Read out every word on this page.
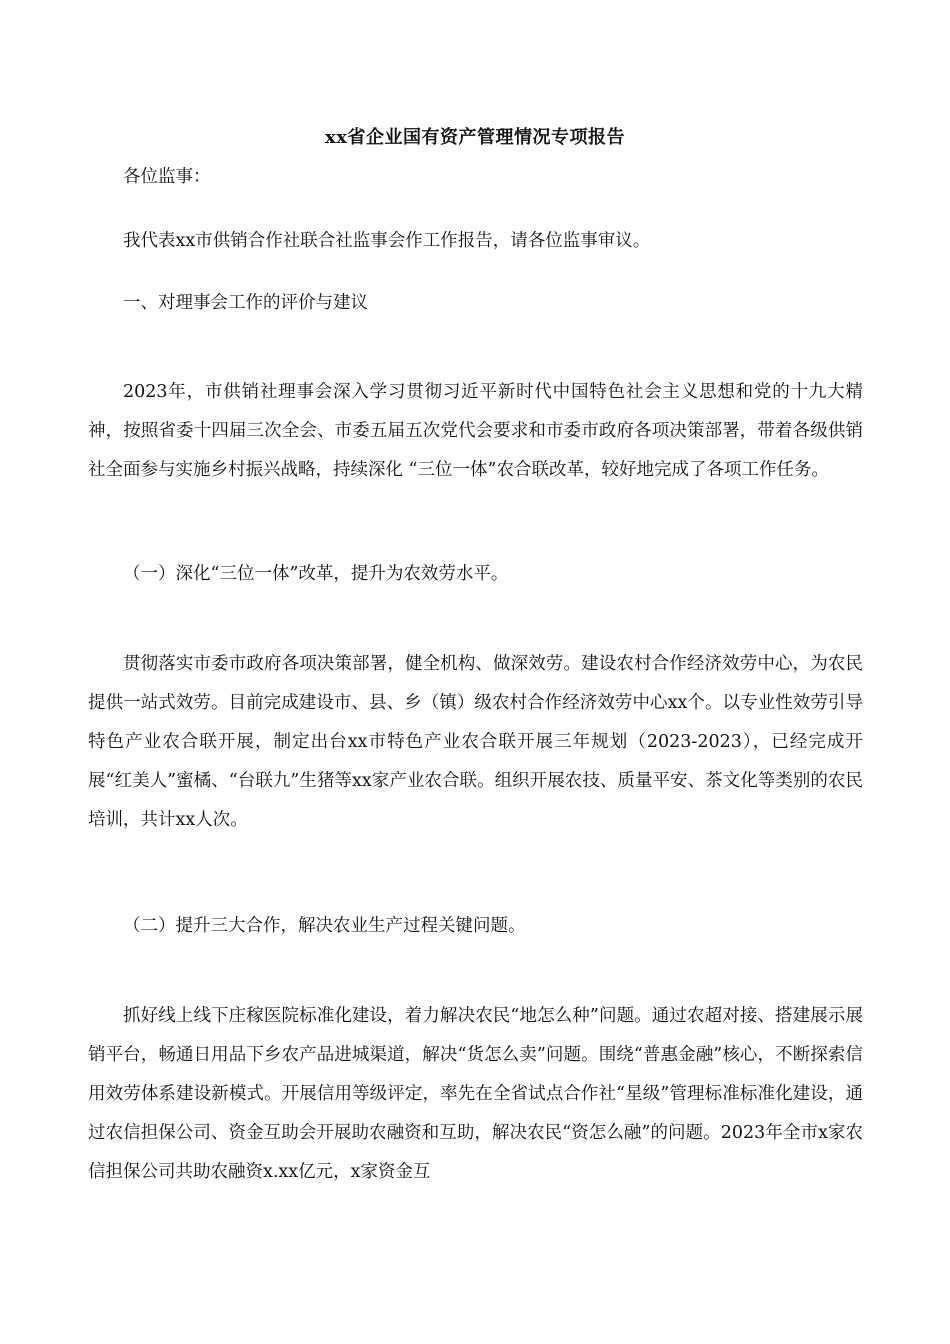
xx省企业国有资产管理情况专项报告

各位监事：

我代表xx市供销合作社联合社监事会作工作报告，请各位监事审议。

一、对理事会工作的评价与建议

2023年，市供销社理事会深入学习贯彻习近平新时代中国特色社会主义思想和党的十九大精神，按照省委十四届三次全会、市委五届五次党代会要求和市委市政府各项决策部署，带着各级供销社全面参与实施乡村振兴战略，持续深化 “三位一体”农合联改革，较好地完成了各项工作任务。

（一）深化“三位一体”改革，提升为农效劳水平。

贯彻落实市委市政府各项决策部署，健全机构、做深效劳。建设农村合作经济效劳中心，为农民提供一站式效劳。目前完成建设市、县、乡（镇）级农村合作经济效劳中心xx个。以专业性效劳引导特色产业农合联开展，制定出台xx市特色产业农合联开展三年规划（2023-2023），已经完成开展“红美人”蜜橘、“台联九”生猪等xx家产业农合联。组织开展农技、质量平安、茶文化等类别的农民培训，共计xx人次。

（二）提升三大合作，解决农业生产过程关键问题。

抓好线上线下庄稼医院标准化建设，着力解决农民“地怎么种”问题。通过农超对接、搭建展示展销平台，畅通日用品下乡农产品进城渠道，解决“货怎么卖”问题。围绕“普惠金融”核心，不断探索信用效劳体系建设新模式。开展信用等级评定，率先在全省试点合作社“星级”管理标准标准化建设，通过农信担保公司、资金互助会开展助农融资和互助，解决农民“资怎么融”的问题。2023年全市x家农信担保公司共助农融资x.xx亿元，x家资金互
